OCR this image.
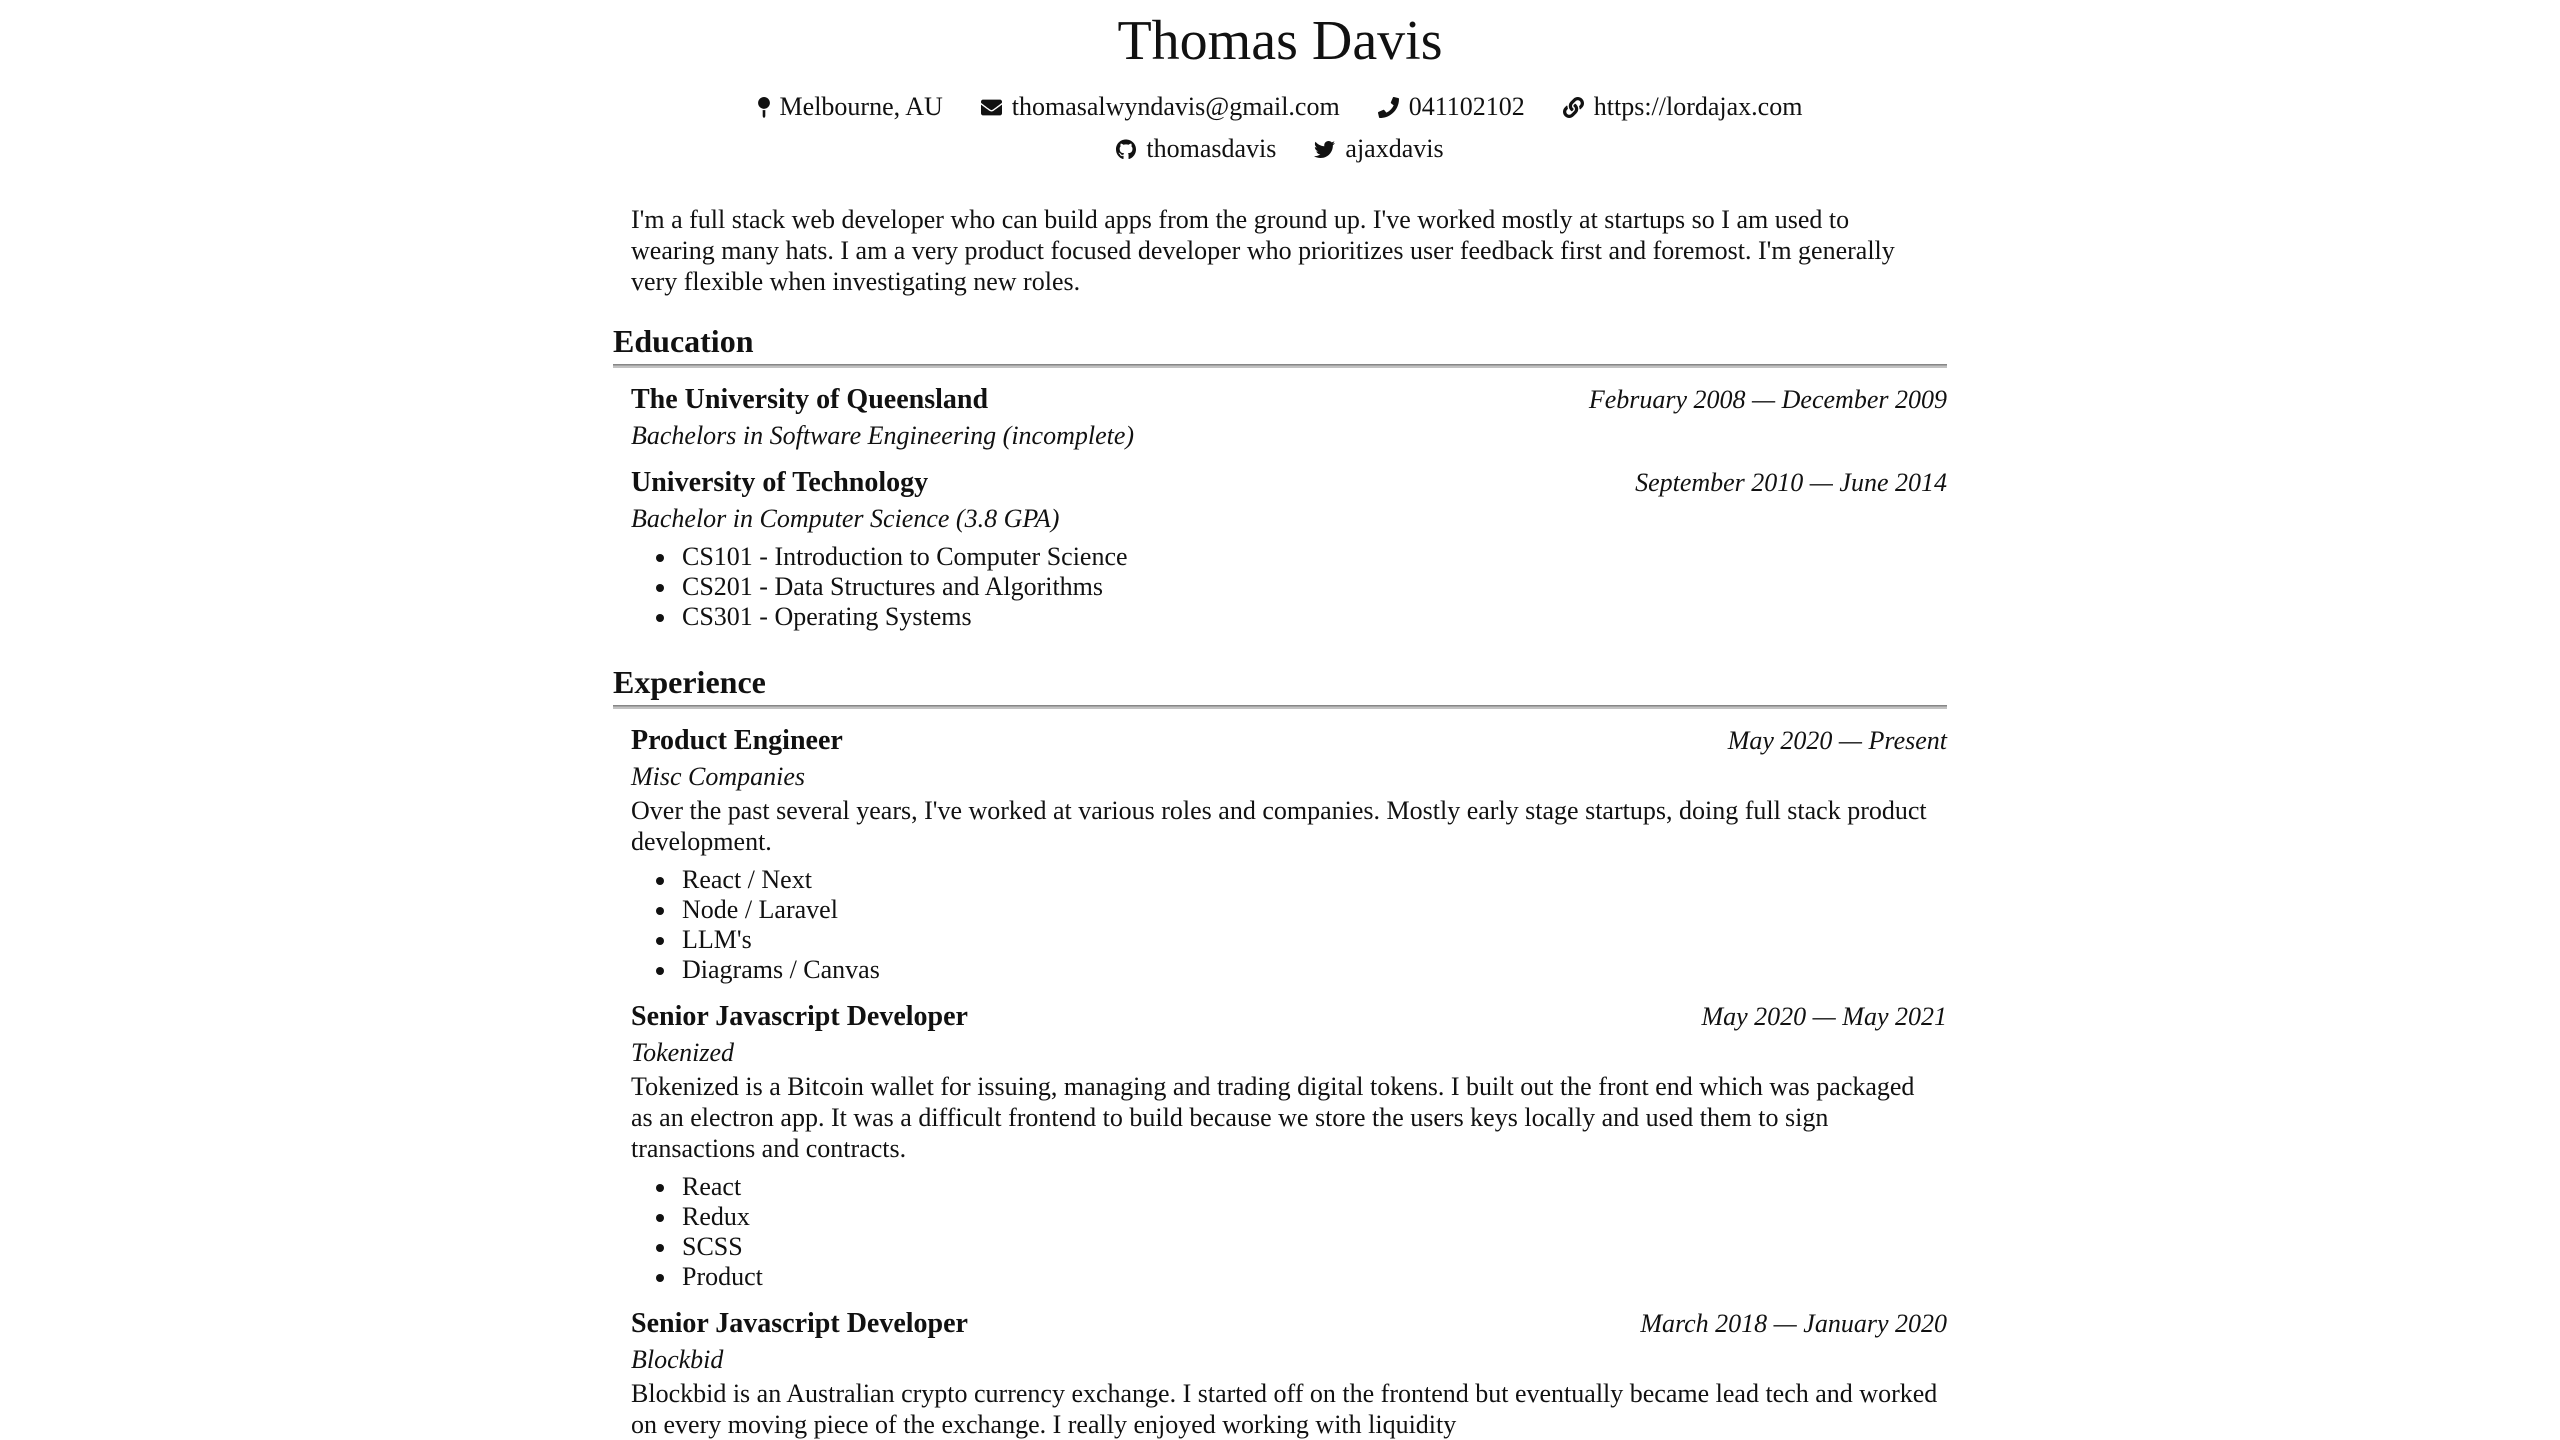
Thomas Davis
Melbourne, AU	thomasalwyndavis@gmail.com	041102102	https://lordajax.com
thomasdavis	ajaxdavis

I'm a full stack web developer who can build apps from the ground up. I've worked mostly at startups so I am used to wearing many hats. I am a very product focused developer who prioritizes user feedback first and foremost. I'm generally very flexible when investigating new roles.

Education
The University of Queensland	February 2008 — December 2009
Bachelors in Software Engineering (incomplete)
University of Technology	September 2010 — June 2014
Bachelor in Computer Science (3.8 GPA)
• CS101 - Introduction to Computer Science
• CS201 - Data Structures and Algorithms
• CS301 - Operating Systems
Experience
Product Engineer	May 2020 — Present
Misc Companies
Over the past several years, I've worked at various roles and companies. Mostly early stage startups, doing full stack product development.
• React / Next
• Node / Laravel
• LLM's
• Diagrams / Canvas
Senior Javascript Developer	May 2020 — May 2021
Tokenized
Tokenized is a Bitcoin wallet for issuing, managing and trading digital tokens. I built out the front end which was packaged as an electron app. It was a difficult frontend to build because we store the users keys locally and used them to sign transactions and contracts.
• React
• Redux
• SCSS
• Product
Senior Javascript Developer	March 2018 — January 2020
Blockbid
Blockbid is an Australian crypto currency exchange. I started off on the frontend but eventually became lead tech and worked on every moving piece of the exchange. I really enjoyed working with liquidity
